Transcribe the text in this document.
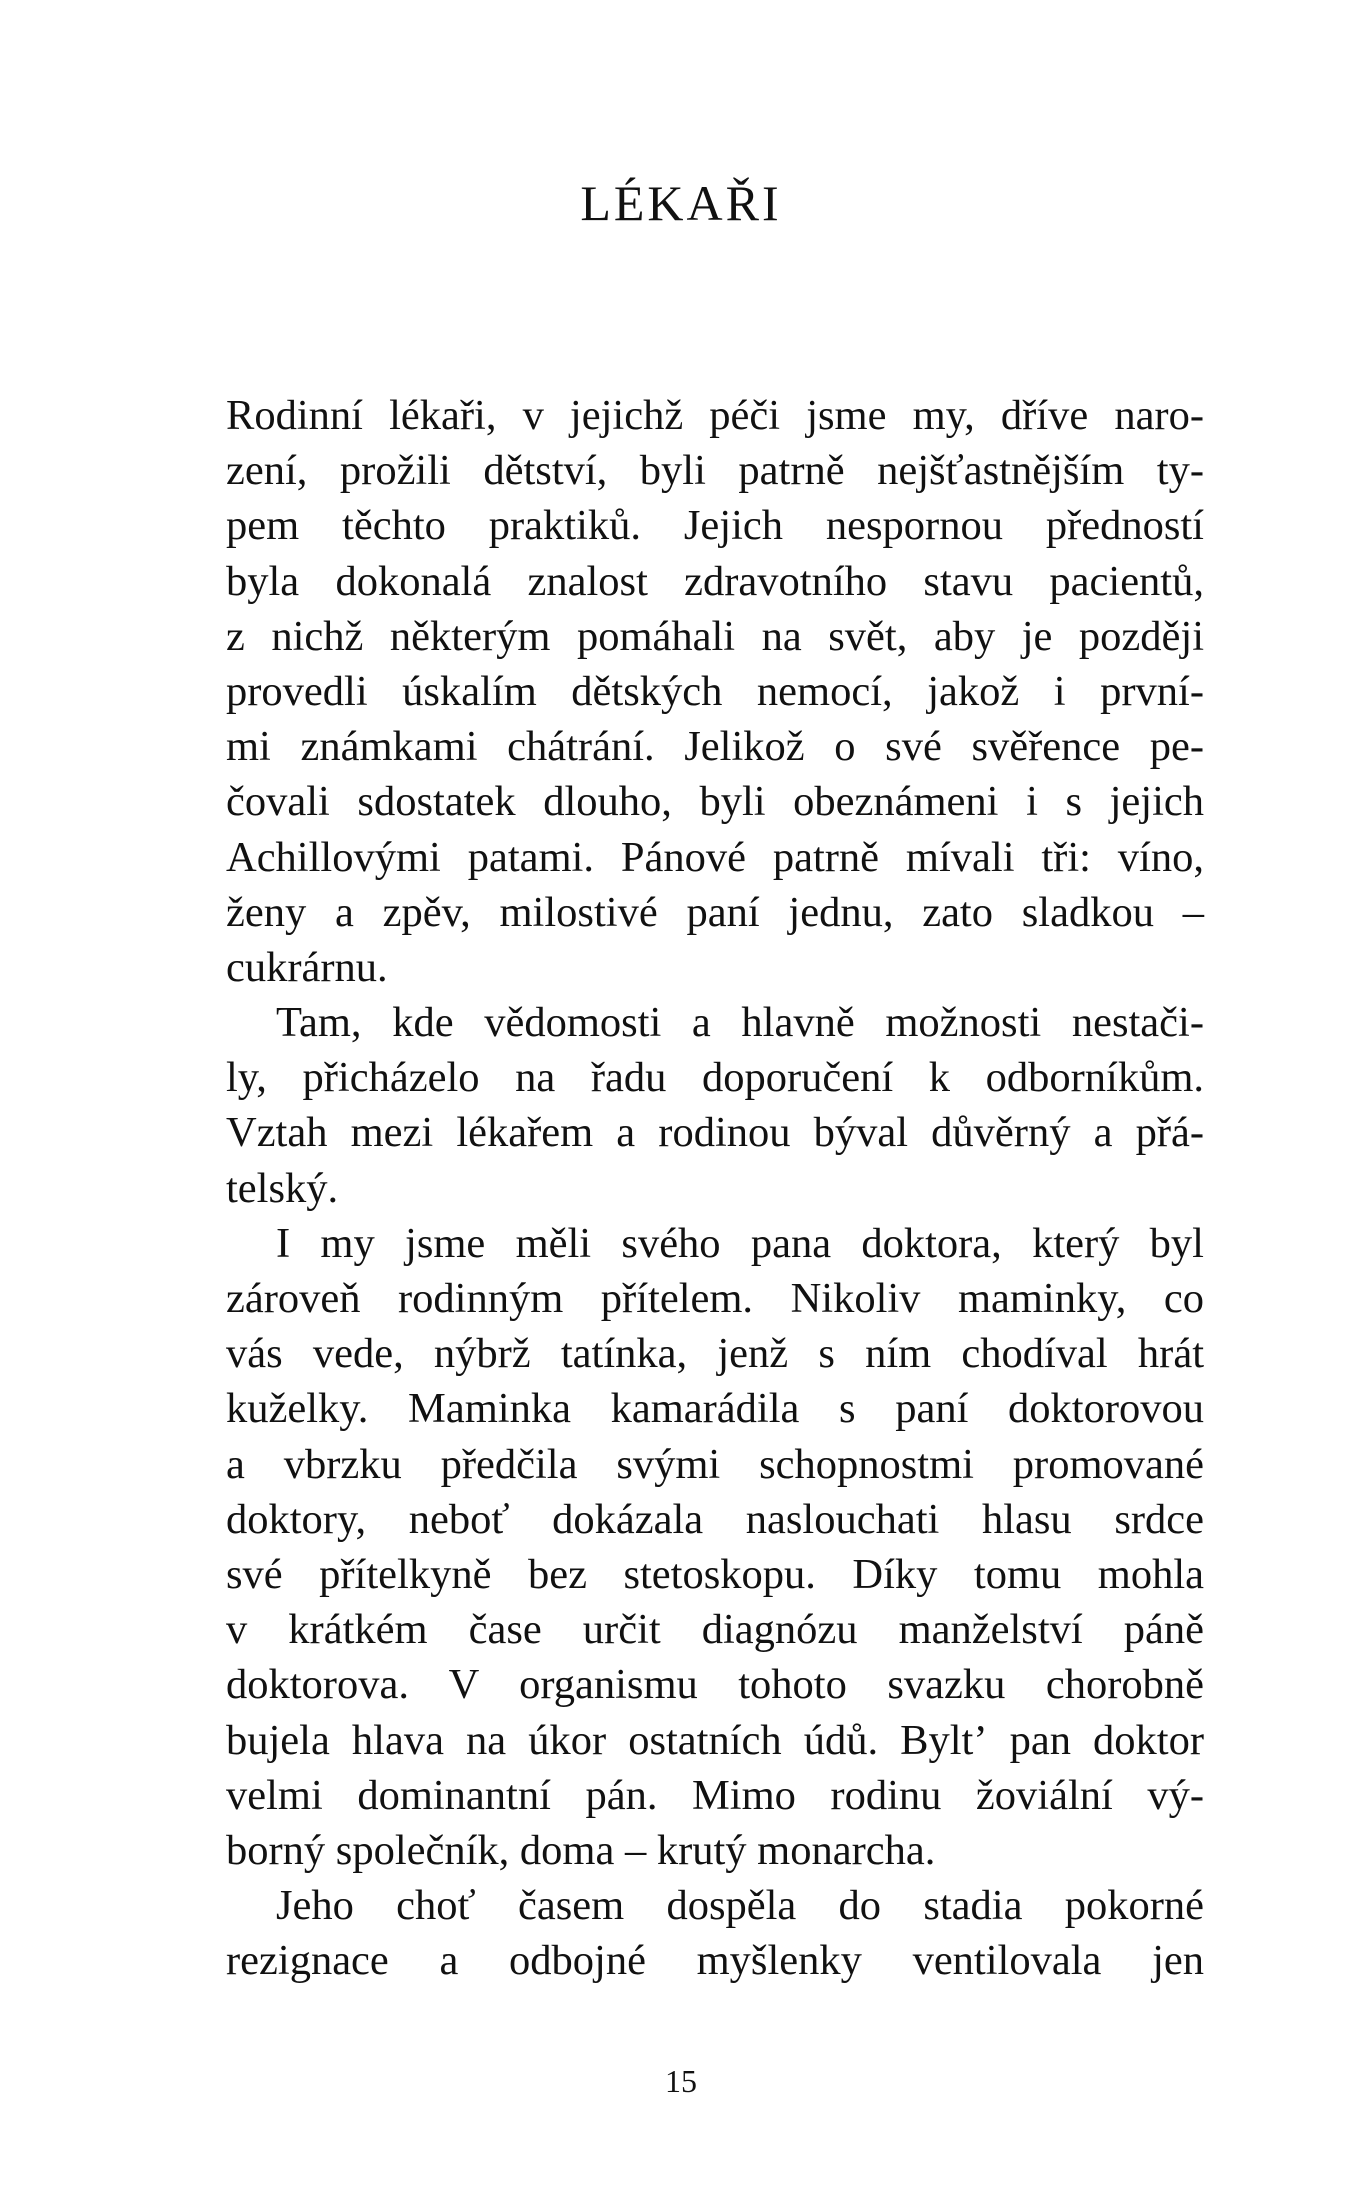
LÉKAŘI

Rodinní lékaři, v jejichž péči jsme my, dříve naro-
zení, prožili dětství, byli patrně nejšťastnějším ty-
pem těchto praktiků. Jejich nespornou předností
byla dokonalá znalost zdravotního stavu pacientů,
z nichž některým pomáhali na svět, aby je později
provedli úskalím dětských nemocí, jakož i první-
mi známkami chátrání. Jelikož o své svěřence pe-
čovali sdostatek dlouho, byli obeznámeni i s jejich
Achillovými patami. Pánové patrně mívali tři: víno,
ženy a zpěv, milostivé paní jednu, zato sladkou –
cukrárnu.

Tam, kde vědomosti a hlavně možnosti nestači-
ly, přicházelo na řadu doporučení k odborníkům.
Vztah mezi lékařem a rodinou býval důvěrný a přá-
telský.

I my jsme měli svého pana doktora, který byl
zároveň rodinným přítelem. Nikoliv maminky, co
vás vede, nýbrž tatínka, jenž s ním chodíval hrát
kuželky. Maminka kamarádila s paní doktorovou
a vbrzku předčila svými schopnostmi promované
doktory, neboť dokázala naslouchati hlasu srdce
své přítelkyně bez stetoskopu. Díky tomu mohla
v krátkém čase určit diagnózu manželství páně
doktorova. V organismu tohoto svazku chorobně
bujela hlava na úkor ostatních údů. Byltʼ pan doktor
velmi dominantní pán. Mimo rodinu žoviální vý-
borný společník, doma – krutý monarcha.

Jeho choť časem dospěla do stadia pokorné
rezignace a odbojné myšlenky ventilovala jen

15
